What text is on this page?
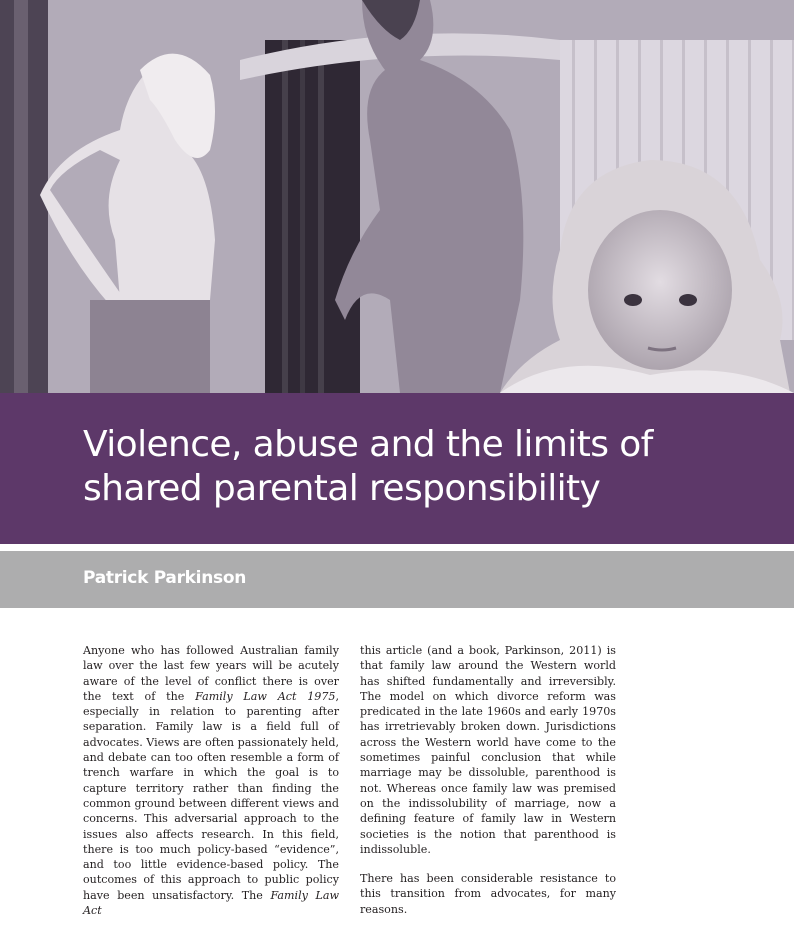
Violence, abuse and the limits of
shared parental responsibility
Patrick Parkinson

Anyone who has followed Australian family law over the last few years will be acutely aware of the level of conflict there is over the text of the Family Law Act 1975, especially in relation to parenting after separation. Family law is a field full of advocates. Views are often passionately held, and debate can too often resemble a form of trench warfare in which the goal is to capture territory rather than finding the common ground between different views and concerns. This adversarial approach to the issues also affects research. In this field, there is too much policy-based “evidence”, and too little evidence-based policy. The outcomes of this approach to public policy have been unsatisfactory. The Family Law Act

this article (and a book, Parkinson, 2011) is that family law around the Western world has shifted fundamentally and irreversibly. The model on which divorce reform was predicated in the late 1960s and early 1970s has irretrievably broken down. Jurisdictions across the Western world have come to the sometimes painful conclusion that while marriage may be dissoluble, parenthood is not. Whereas once family law was premised on the indissolubility of marriage, now a defining feature of family law in Western societies is the notion that parenthood is indissoluble.

There has been considerable resistance to this transition from advocates, for many reasons.
